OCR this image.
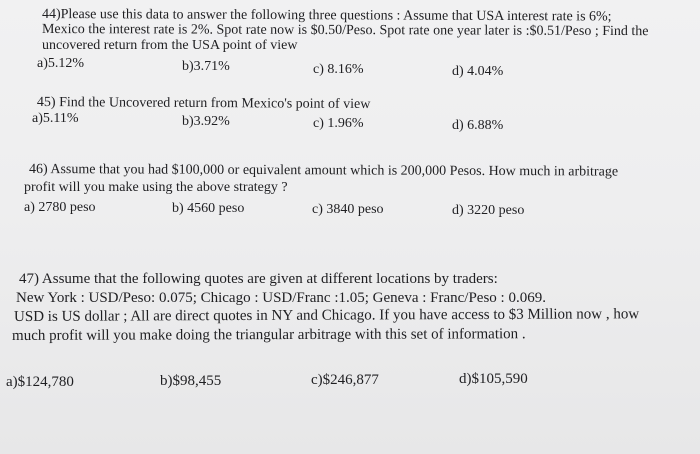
44)Please use this data to answer the following three questions : Assume that USA interest rate is 6%;
Mexico the interest rate is 2%. Spot rate now is $0.50/Peso. Spot rate one year later is :$0.51/Peso ; Find the
uncovered return from the USA point of view
a)5.12%	b)3.71%	c) 8.16%	d) 4.04%
45) Find the Uncovered return from Mexico's point of view
a)5.11%	b)3.92%	c) 1.96%	d) 6.88%
46) Assume that you had $100,000 or equivalent amount which is 200,000 Pesos. How much in arbitrage
profit will you make using the above strategy ?
a) 2780 peso	b) 4560 peso	c) 3840 peso	d) 3220 peso
47) Assume that the following quotes are given at different locations by traders:
New York : USD/Peso: 0.075; Chicago : USD/Franc :1.05; Geneva : Franc/Peso : 0.069.
USD is US dollar ; All are direct quotes in NY and Chicago. If you have access to $3 Million now , how
much profit will you make doing the triangular arbitrage with this set of information .
a)$124,780	b)$98,455	c)$246,877	d)$105,590
